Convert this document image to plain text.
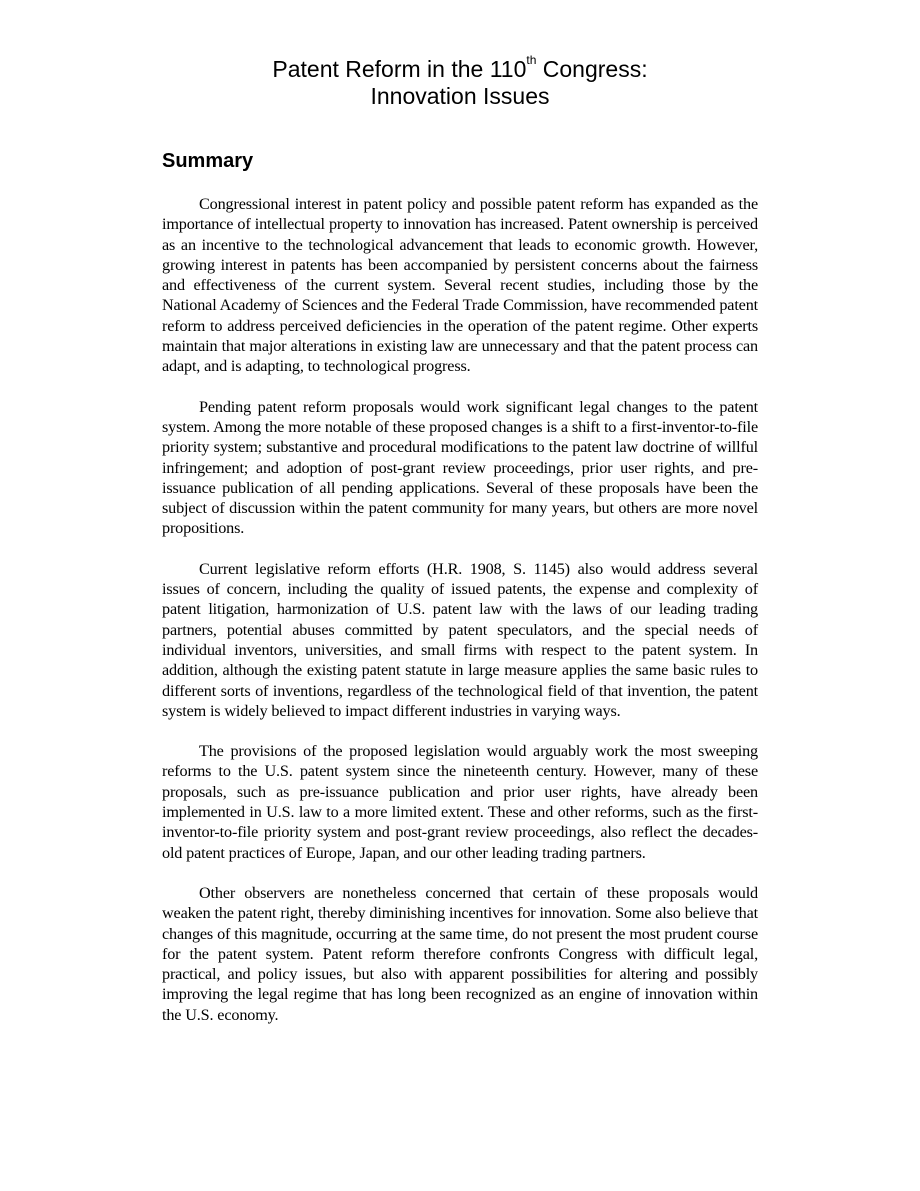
Patent Reform in the 110th Congress:
Innovation Issues
Summary

Congressional interest in patent policy and possible patent reform has expanded as the importance of intellectual property to innovation has increased. Patent ownership is perceived as an incentive to the technological advancement that leads to economic growth. However, growing interest in patents has been accompanied by persistent concerns about the fairness and effectiveness of the current system. Several recent studies, including those by the National Academy of Sciences and the Federal Trade Commission, have recommended patent reform to address perceived deficiencies in the operation of the patent regime. Other experts maintain that major alterations in existing law are unnecessary and that the patent process can adapt, and is adapting, to technological progress.

Pending patent reform proposals would work significant legal changes to the patent system. Among the more notable of these proposed changes is a shift to a first-inventor-to-file priority system; substantive and procedural modifications to the patent law doctrine of willful infringement; and adoption of post-grant review proceedings, prior user rights, and pre-issuance publication of all pending applications. Several of these proposals have been the subject of discussion within the patent community for many years, but others are more novel propositions.

Current legislative reform efforts (H.R. 1908, S. 1145) also would address several issues of concern, including the quality of issued patents, the expense and complexity of patent litigation, harmonization of U.S. patent law with the laws of our leading trading partners, potential abuses committed by patent speculators, and the special needs of individual inventors, universities, and small firms with respect to the patent system. In addition, although the existing patent statute in large measure applies the same basic rules to different sorts of inventions, regardless of the technological field of that invention, the patent system is widely believed to impact different industries in varying ways.

The provisions of the proposed legislation would arguably work the most sweeping reforms to the U.S. patent system since the nineteenth century. However, many of these proposals, such as pre-issuance publication and prior user rights, have already been implemented in U.S. law to a more limited extent. These and other reforms, such as the first-inventor-to-file priority system and post-grant review proceedings, also reflect the decades-old patent practices of Europe, Japan, and our other leading trading partners.

Other observers are nonetheless concerned that certain of these proposals would weaken the patent right, thereby diminishing incentives for innovation. Some also believe that changes of this magnitude, occurring at the same time, do not present the most prudent course for the patent system. Patent reform therefore confronts Congress with difficult legal, practical, and policy issues, but also with apparent possibilities for altering and possibly improving the legal regime that has long been recognized as an engine of innovation within the U.S. economy.
